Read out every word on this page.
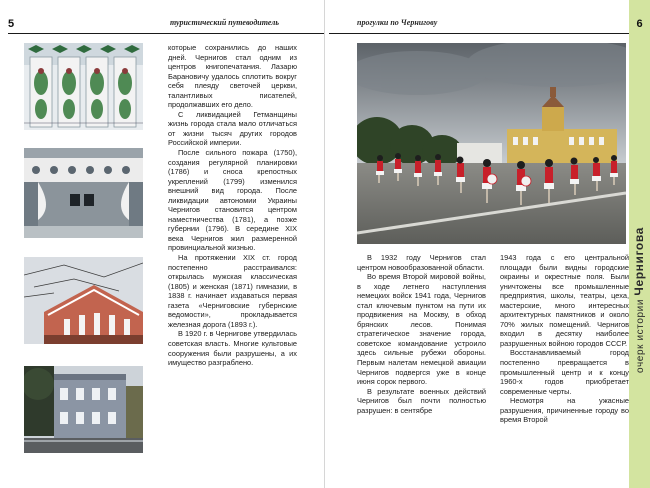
5	туристический путеводитель

которые сохранились до наших дней. Чернигов стал одним из центров книгопечатания. Лазарю Барановичу удалось сплотить вокруг себя плеяду светочей церкви, талантливых писателей, продолжавших его дело.

С ликвидацией Гетманщины жизнь города стала мало отличаться от жизни тысяч других городов Российской империи.

После сильного пожара (1750), создания регулярной планировки (1786) и сноса крепостных укреплений (1799) изменился внешний вид города. После ликвидации автономии Украины Чернигов становится центром наместничества (1781), а позже губернии (1796). В середине XIX века Чернигов жил размеренной провинциальной жизнью.

На протяжении XIX ст. город постепенно расстраивался: открылась мужская классическая (1805) и женская (1871) гимназии, в 1838 г. начинает издаваться первая газета «Черниговские губернские ведомости», прокладывается железная дорога (1893 г.).

В 1920 г. в Чернигове утвердилась советская власть. Многие культовые сооружения были разрушены, а их имущество разграблено.

прогулки по Чернигову

В 1932 году Чернигов стал центром новообразованной области.

Во время Второй мировой войны, в ходе летнего наступления немецких войск 1941 года, Чернигов стал ключевым пунктом на пути их продвижения на Москву, в обход брянских лесов. Понимая стратегическое значение города, советское командование устроило здесь сильные рубежи обороны. Первым налетам немецкой авиации Чернигов подвергся уже в конце июня сорок первого.

В результате военных действий Чернигов был почти полностью разрушен: в сентябре

1943 года с его центральной площади были видны городские окраины и окрестные поля. Были уничтожены все промышленные предприятия, школы, театры, цеха, мастерские, много интересных архитектурных памятников и около 70% жилых помещений. Чернигов входил в десятку наиболее разрушенных войною городов СССР.

Восстанавливаемый город постепенно превращается в промышленный центр и к концу 1960-х годов приобретает современные черты.

Несмотря на ужасные разрушения, причиненные городу во время Второй

6
очерк истории Чернигова
